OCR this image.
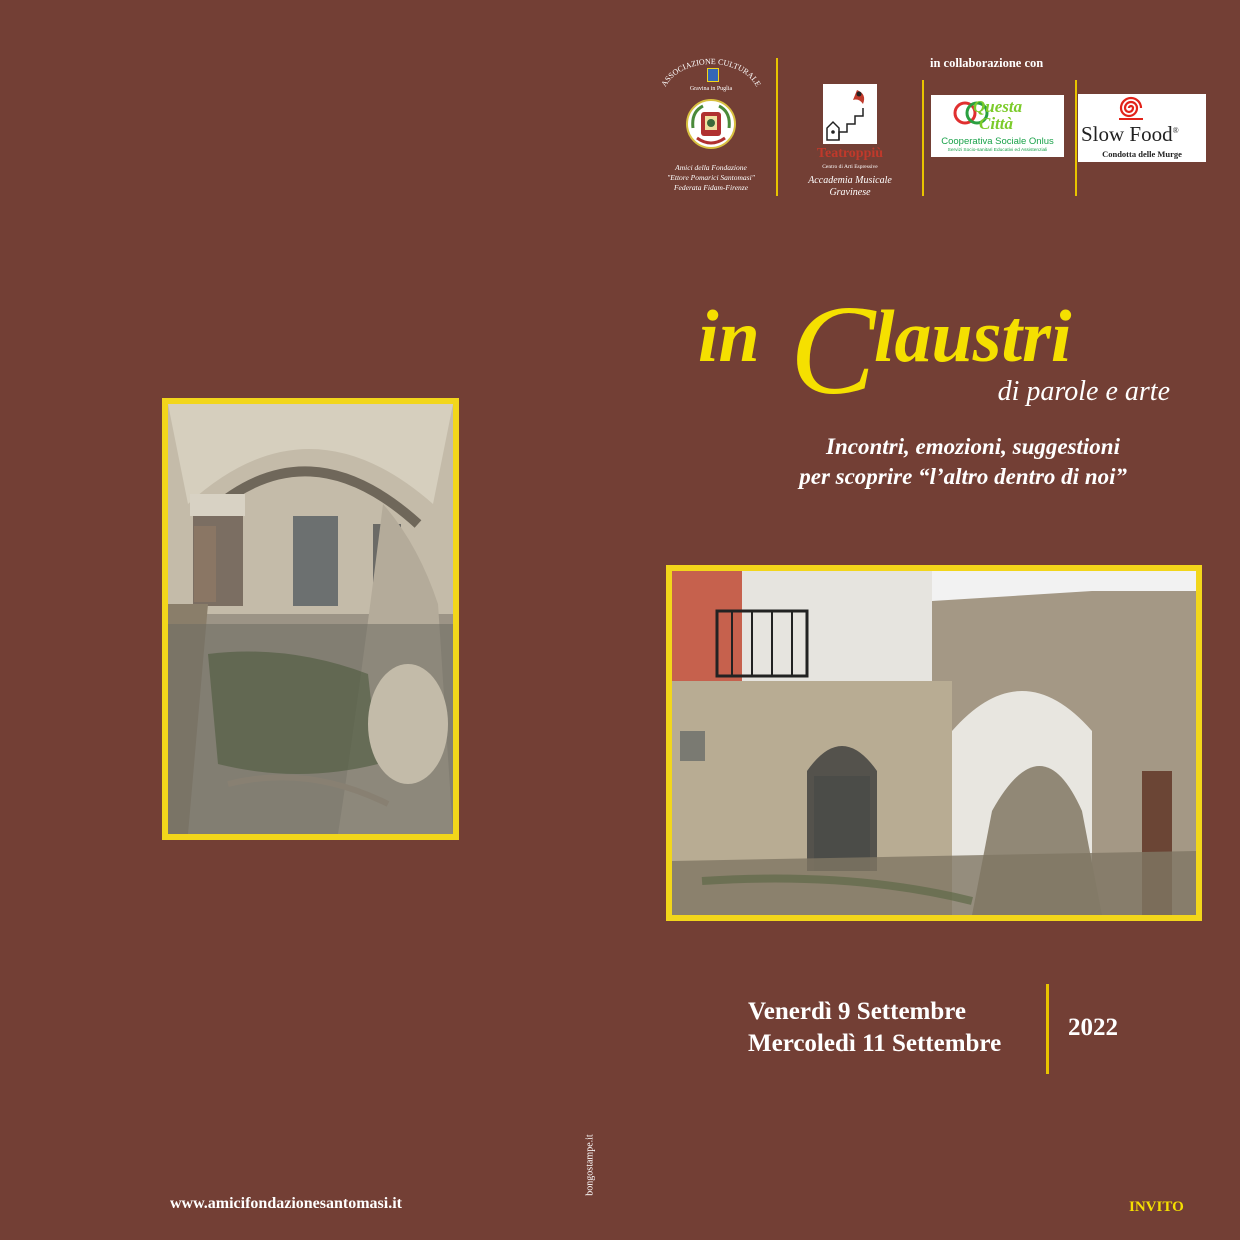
ASSOCIAZIONE CULTURALE
Gravina in Puglia
Amici della Fondazione
"Ettore Pomarici Santomasi"
Federata Fidam-Firenze
Teatroppiù
Centro di Arti Espressive
Accademia Musicale
Gravinese
in collaborazione con
Questa
Città
Cooperativa Sociale Onlus
Servizi Socio-sanitari Educativi ed Assistenziali
Slow Food®
Condotta delle Murge
in C
laustri
di parole e arte
Incontri, emozioni, suggestioni
per scoprire “l’altro dentro di noi”
Venerdì 9 Settembre
Mercoledì 11 Settembre
2022
www.amicifondazionesantomasi.it
bongostampe.it
INVITO
